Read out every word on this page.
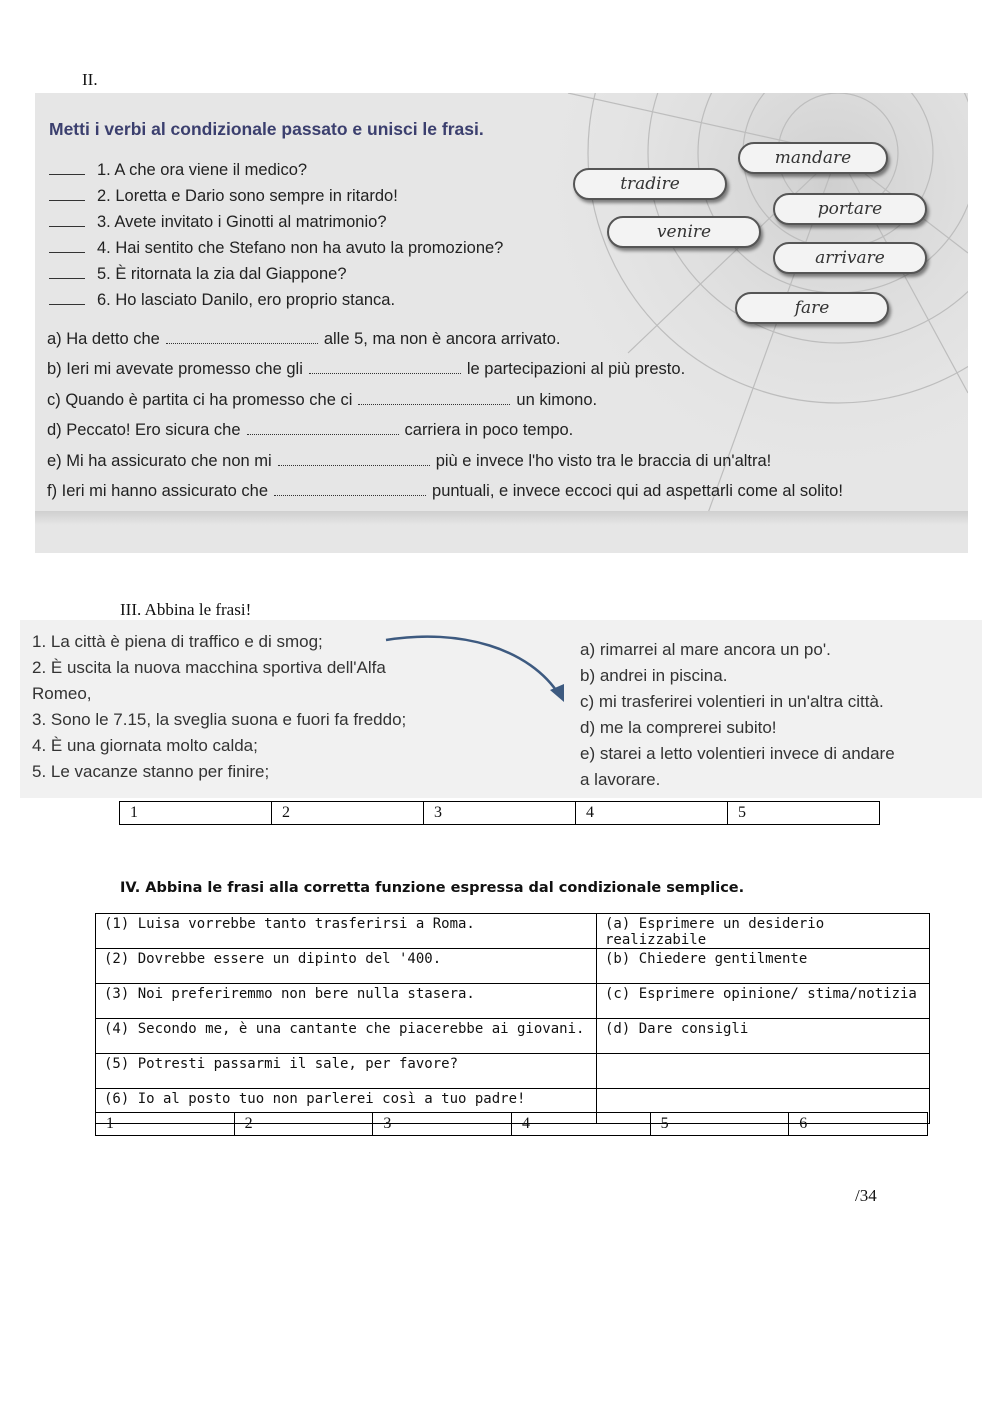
II.
Metti i verbi al condizionale passato e unisci le frasi.
1. A che ora viene il medico?
2. Loretta e Dario sono sempre in ritardo!
3. Avete invitato i Ginotti al matrimonio?
4. Hai sentito che Stefano non ha avuto la promozione?
5. È ritornata la zia dal Giappone?
6. Ho lasciato Danilo, ero proprio stanca.
mandare
tradire
portare
venire
arrivare
fare
a) Ha detto che	alle 5, ma non è ancora arrivato.
b) Ieri mi avevate promesso che gli	le partecipazioni al più presto.
c) Quando è partita ci ha promesso che ci	un kimono.
d) Peccato! Ero sicura che	carriera in poco tempo.
e) Mi ha assicurato che non mi	più e invece l'ho visto tra le braccia di un'altra!
f) Ieri mi hanno assicurato che	puntuali, e invece eccoci qui ad aspettarli come al solito!
III. Abbina le frasi!
1. La città è piena di traffico e di smog;
2. È uscita la nuova macchina sportiva dell'Alfa
Romeo,
3. Sono le 7.15, la sveglia suona e fuori fa freddo;
4. È una giornata molto calda;
5. Le vacanze stanno per finire;
a) rimarrei al mare ancora un po'.
b) andrei in piscina.
c) mi trasferirei volentieri in un'altra città.
d) me la comprerei subito!
e) starei a letto volentieri invece di andare
a lavorare.
1	2	3	4	5
IV. Abbina le frasi alla corretta funzione espressa dal condizionale semplice.
(1) Luisa vorrebbe tanto trasferirsi a Roma.	(a) Esprimere un desiderio realizzabile
(2) Dovrebbe essere un dipinto del '400.	(b) Chiedere gentilmente
(3) Noi preferiremmo non bere nulla stasera.	(c) Esprimere opinione/ stima/notizia
(4) Secondo me, è una cantante che piacerebbe ai giovani.	(d) Dare consigli
(5) Potresti passarmi il sale, per favore?	
(6) Io al posto tuo non parlerei così a tuo padre!	
1	2	3	4	5	6
/34
